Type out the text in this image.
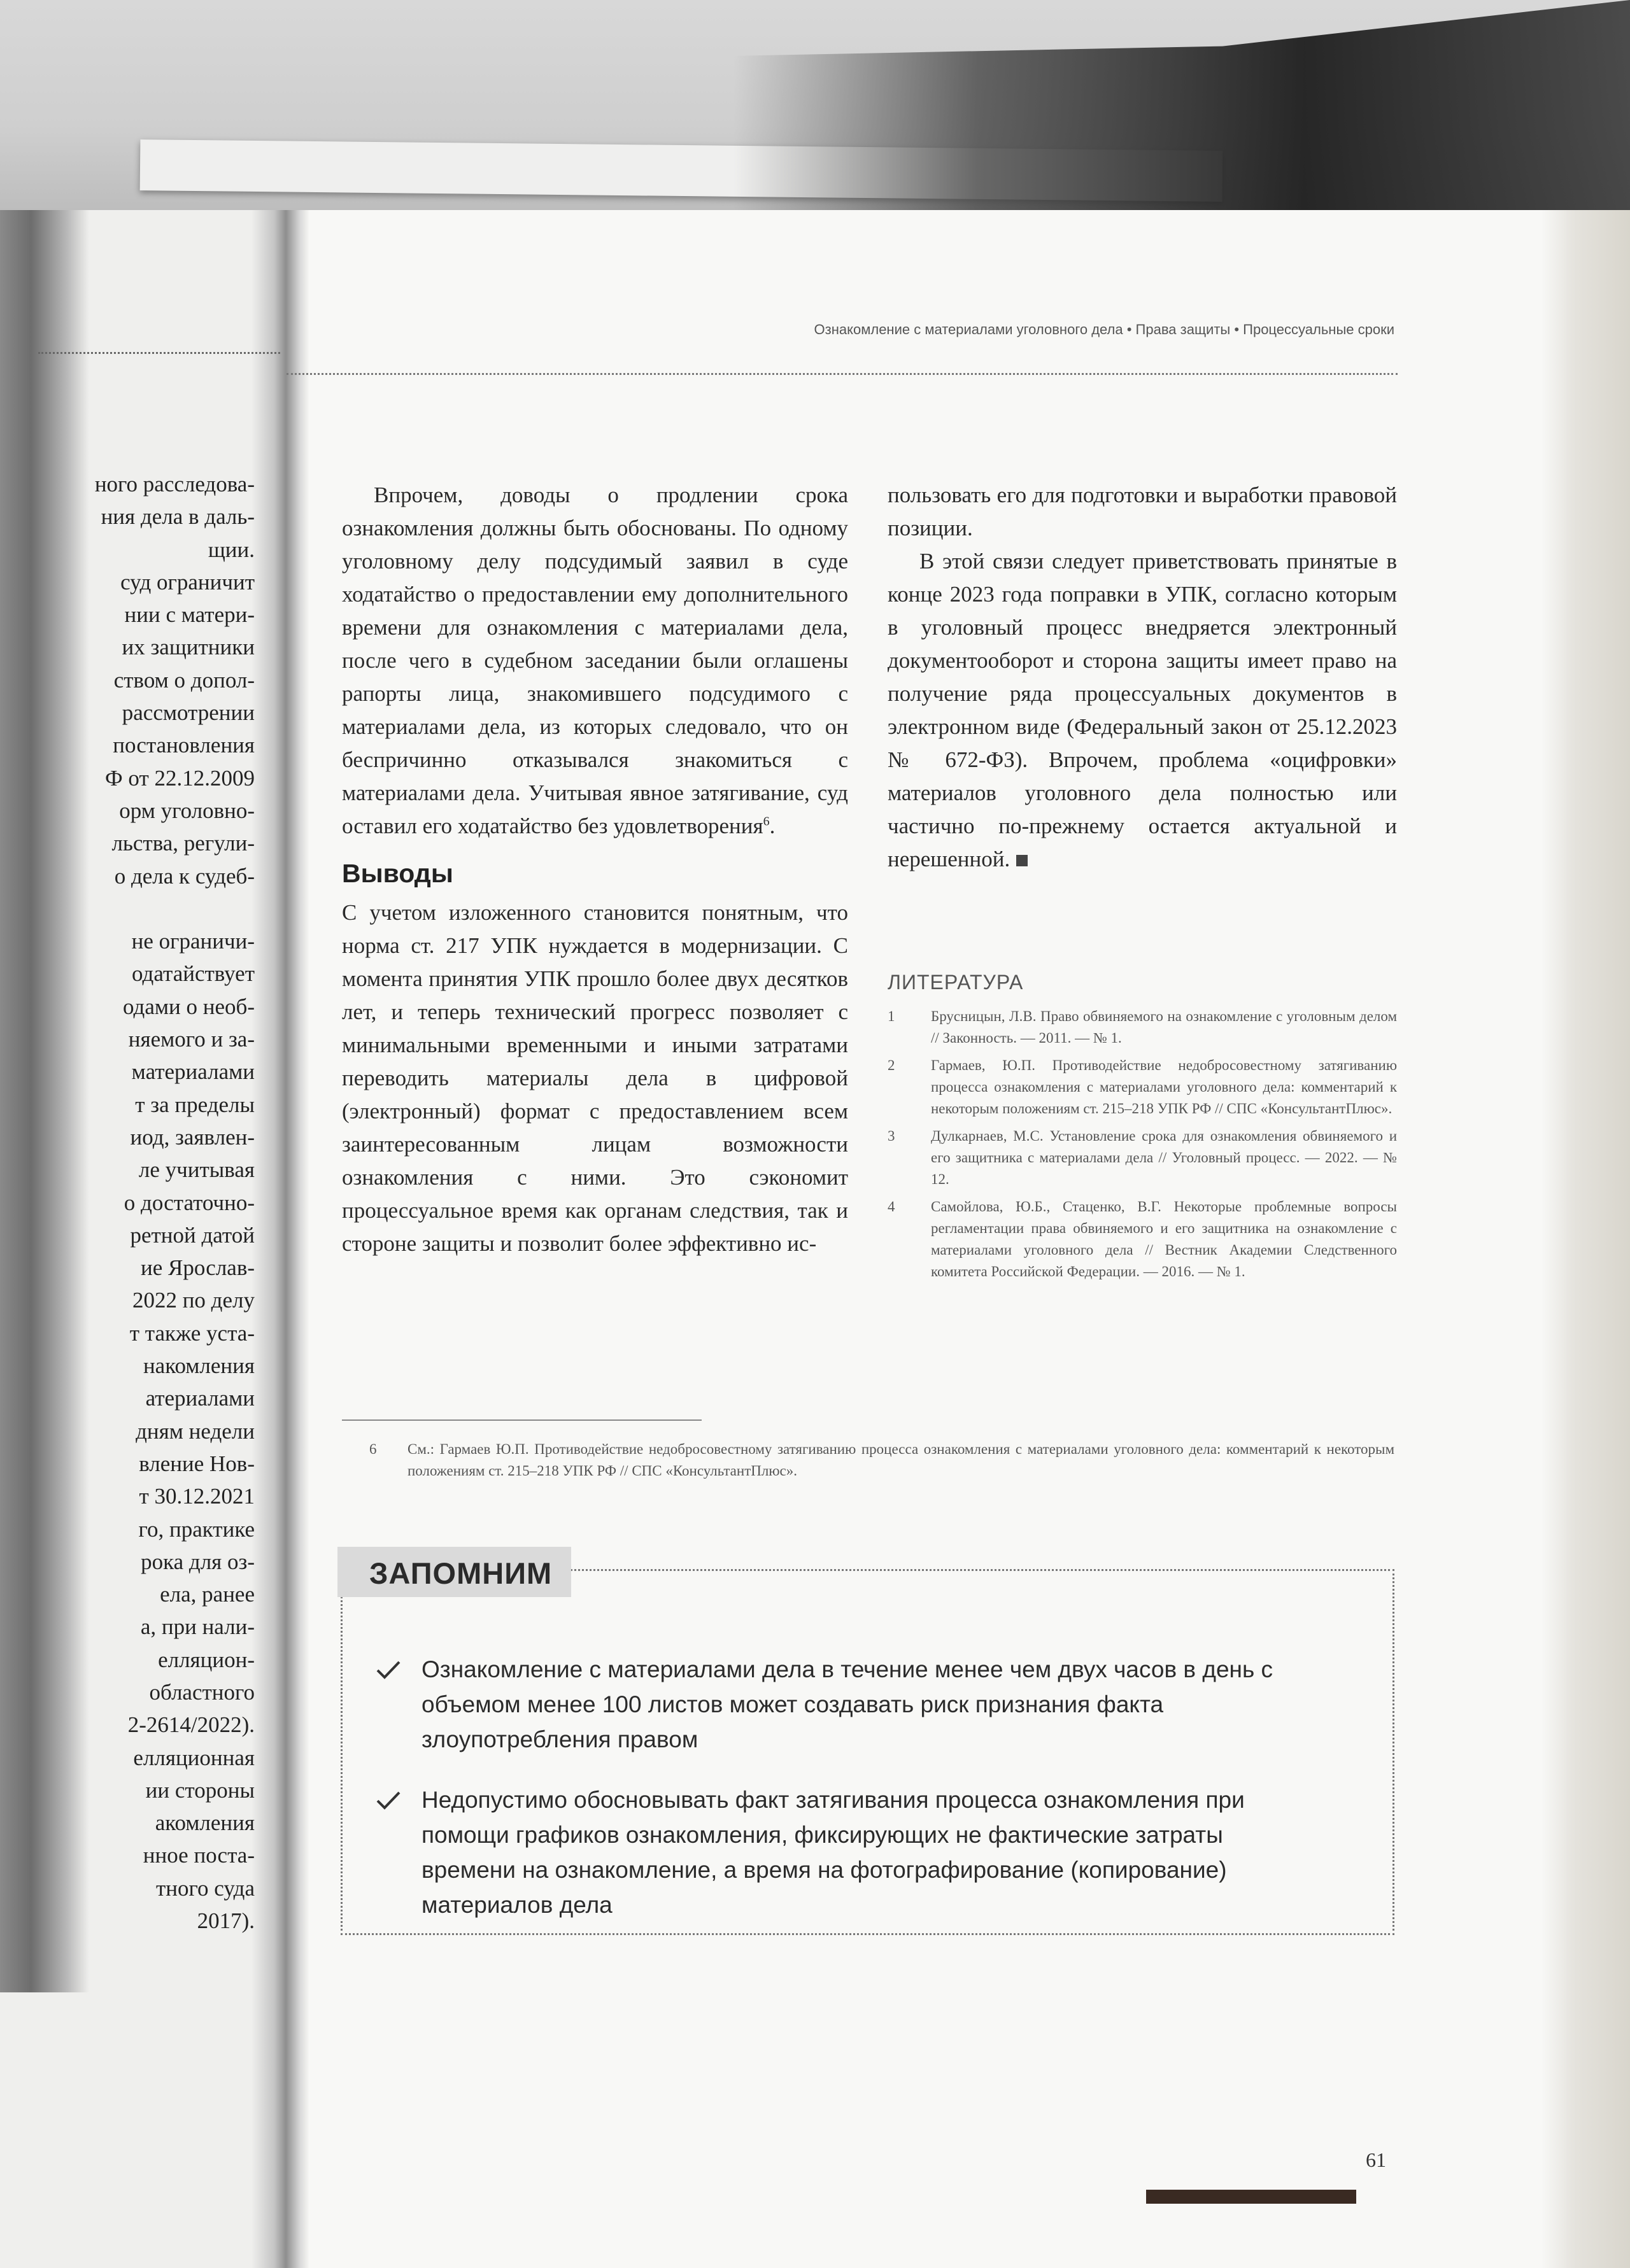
ного расследова-
ния дела в даль-
щии.
суд ограничит
нии с матери-
их защитники
ством о допол-
рассмотрении
постановления
Ф от 22.12.2009
орм уголовно-
льства, регули-
о дела к судеб-

не ограничи-
одатайствует
одами о необ-
няемого и за-
материалами
т за пределы
иод, заявлен-
ле учитывая
о достаточно-
ретной датой
ие Ярослав-
2022 по делу
т также уста-
накомления
атериалами
дням недели
вление Нов-
т 30.12.2021
го, практике
рока для оз-
ела, ранее
а, при нали-
елляцион-
областного
2-2614/2022).
елляционная
ии стороны
акомления
нное поста-
тного суда
2017).
Ознакомление с материалами уголовного дела • Права защиты • Процессуальные сроки

Впрочем, доводы о продлении срока ознакомления должны быть обоснованы. По одному уголовному делу подсудимый заявил в суде ходатайство о предоставлении ему дополнительного времени для ознакомления с материалами дела, после чего в судебном заседании были оглашены рапорты лица, знакомившего подсудимого с материалами дела, из которых следовало, что он беспричинно отказывался знакомиться с материалами дела. Учитывая явное затягивание, суд оставил его ходатайство без удовлетворения$^6$.

Выводы

С учетом изложенного становится понятным, что норма ст. 217 УПК нуждается в модернизации. С момента принятия УПК прошло более двух десятков лет, и теперь технический прогресс позволяет с минимальными временными и иными затратами переводить материалы дела в цифровой (электронный) формат с предоставлением всем заинтересованным лицам возможности ознакомления с ними. Это сэкономит процессуальное время как органам следствия, так и стороне защиты и позволит более эффективно ис-

пользовать его для подготовки и выработки правовой позиции.

В этой связи следует приветствовать принятые в конце 2023 года поправки в УПК, согласно которым в уголовный процесс внедряется электронный документооборот и сторона защиты имеет право на получение ряда процессуальных документов в электронном виде (Федеральный закон от 25.12.2023 № 672-ФЗ). Впрочем, проблема «оцифровки» материалов уголовного дела полностью или частично по-прежнему остается актуальной и нерешенной.

ЛИТЕРАТУРА
1	Брусницын, Л.В. Право обвиняемого на ознакомление с уголовным делом // Законность. — 2011. — № 1.
2	Гармаев, Ю.П. Противодействие недобросовестному затягиванию процесса ознакомления с материалами уголовного дела: комментарий к некоторым положениям ст. 215–218 УПК РФ // СПС «КонсультантПлюс».
3	Дулкарнаев, М.С. Установление срока для ознакомления обвиняемого и его защитника с материалами дела // Уголовный процесс. — 2022. — № 12.
4	Самойлова, Ю.Б., Стаценко, В.Г. Некоторые проблемные вопросы регламентации права обвиняемого и его защитника на ознакомление с материалами уголовного дела // Вестник Академии Следственного комитета Российской Федерации. — 2016. — № 1.
6	См.: Гармаев Ю.П. Противодействие недобросовестному затягиванию процесса ознакомления с материалами уголовного дела: комментарий к некоторым положениям ст. 215–218 УПК РФ // СПС «КонсультантПлюс».
ЗАПОМНИМ
Ознакомление с материалами дела в течение менее чем двух часов в день с объемом менее 100 листов может создавать риск признания факта злоупотребления правом
Недопустимо обосновывать факт затягивания процесса ознакомления при помощи графиков ознакомления, фиксирующих не фактические затраты времени на ознакомление, а время на фотографирование (копирование) материалов дела
61
